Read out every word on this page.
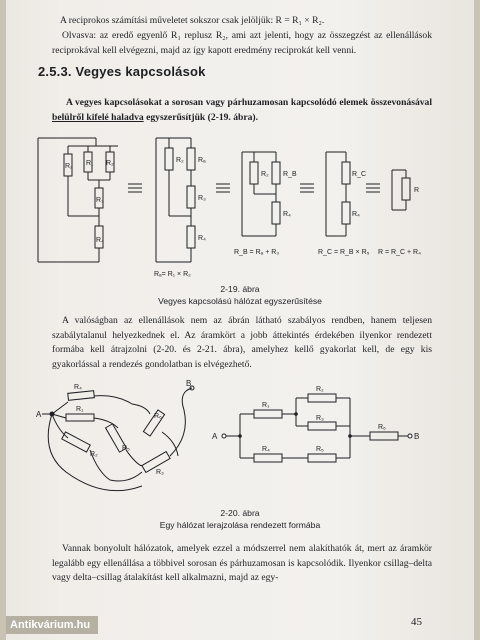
A reciprokos számítási műveletet sokszor csak jelöljük: R = R₁ × R₂.
Olvasva: az eredő egyenlő R₁ replusz R₂, ami azt jelenti, hogy az összegzést az ellenállások reciprokával kell elvégezni, majd az így kapott eredmény reciprokát kell venni.
2.5.3. Vegyes kapcsolások
A vegyes kapcsolásokat a sorosan vagy párhuzamosan kapcsolódó elemek összevonásával belülről kifelé haladva egyszerűsítjük (2-19. ábra).
R₂ R₁ R₂
R₃
R₄
R₂ Rₐ
R₃
R₄
R₂ R_B
R₄
R_C
R₄
R
Rₐ= R₁ × R₂
R_B = Rₐ + R₃	R_C = R_B × R₅ R = R_C + R₄
2-19. ábra
Vegyes kapcsolású hálózat egyszerűsítése
A valóságban az ellenállások nem az ábrán látható szabályos rendben, hanem teljesen szabálytalanul helyezkednek el. Az áramkört a jobb áttekintés érdekében ilyenkor rendezett formába kell átrajzolni (2-20. és 2-21. ábra), amelyhez kellő gyakorlat kell, de egy kis gyakorlással a rendezés gondolatban is elvégezhető.
A
B
R₄
R₁
R₂
R₅
R₆
R₃
A	B
R₁
R₂
R₃
R₄	R₅
R₆
2-20. ábra
Egy hálózat lerajzolása rendezett formába
Vannak bonyolult hálózatok, amelyek ezzel a módszerrel nem alakíthatók át, mert az áramkör legalább egy ellenállása a többivel sorosan és párhuzamosan is kapcsolódik. Ilyenkor csillag–delta vagy delta–csillag átalakítást kell alkalmazni, majd az egy-
45
Antikvárium.hu
